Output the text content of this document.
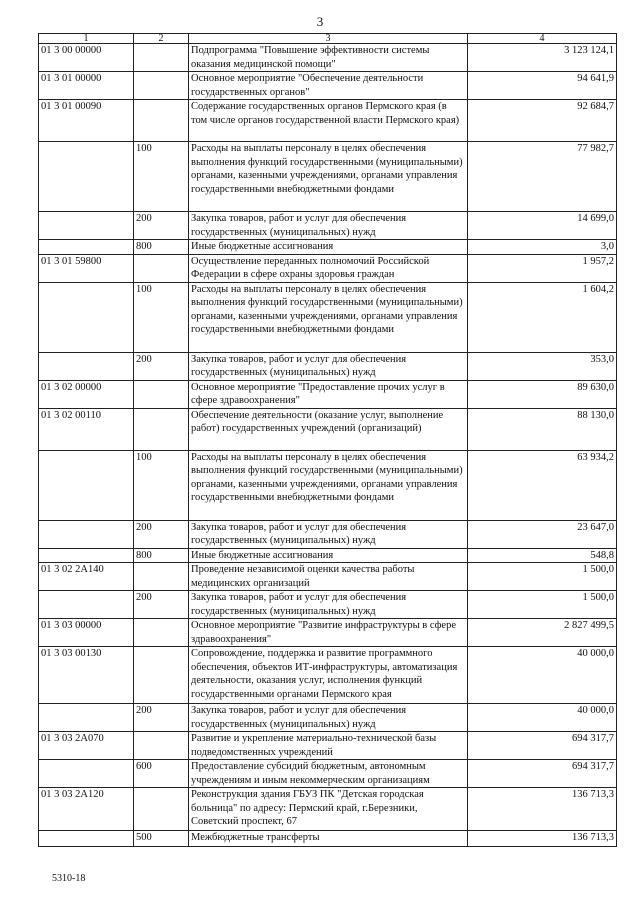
3
1	2	3	4
01 3 00 00000		Подпрограмма "Повышение эффективности системы оказания медицинской помощи"	3 123 124,1
01 3 01 00000		Основное мероприятие "Обеспечение деятельности государственных органов"	94 641,9
01 3 01 00090		Содержание государственных органов Пермского края (в том числе органов государственной власти Пермского края)	92 684,7
	100	Расходы на выплаты персоналу в целях обеспечения выполнения функций государственными (муниципальными) органами, казенными учреждениями, органами управления государственными внебюджетными фондами	77 982,7
	200	Закупка товаров, работ и услуг для обеспечения государственных (муниципальных) нужд	14 699,0
	800	Иные бюджетные ассигнования	3,0
01 3 01 59800		Осуществление переданных полномочий Российской Федерации в сфере охраны здоровья граждан	1 957,2
	100	Расходы на выплаты персоналу в целях обеспечения выполнения функций государственными (муниципальными) органами, казенными учреждениями, органами управления государственными внебюджетными фондами	1 604,2
	200	Закупка товаров, работ и услуг для обеспечения государственных (муниципальных) нужд	353,0
01 3 02 00000		Основное мероприятие "Предоставление прочих услуг в сфере здравоохранения"	89 630,0
01 3 02 00110		Обеспечение деятельности (оказание услуг, выполнение работ) государственных учреждений (организаций)	88 130,0
	100	Расходы на выплаты персоналу в целях обеспечения выполнения функций государственными (муниципальными) органами, казенными учреждениями, органами управления государственными внебюджетными фондами	63 934,2
	200	Закупка товаров, работ и услуг для обеспечения государственных (муниципальных) нужд	23 647,0
	800	Иные бюджетные ассигнования	548,8
01 3 02 2А140		Проведение независимой оценки качества работы медицинских организаций	1 500,0
	200	Закупка товаров, работ и услуг для обеспечения государственных (муниципальных) нужд	1 500,0
01 3 03 00000		Основное мероприятие "Развитие инфраструктуры в сфере здравоохранения"	2 827 499,5
01 3 03 00130		Сопровождение, поддержка и развитие программного обеспечения, объектов ИТ-инфраструктуры, автоматизация деятельности, оказания услуг, исполнения функций государственными органами Пермского края	40 000,0
	200	Закупка товаров, работ и услуг для обеспечения государственных (муниципальных) нужд	40 000,0
01 3 03 2А070		Развитие и укрепление материально-технической базы подведомственных учреждений	694 317,7
	600	Предоставление субсидий бюджетным, автономным учреждениям и иным некоммерческим организациям	694 317,7
01 3 03 2А120		Реконструкция здания ГБУЗ ПК "Детская городская больница" по адресу: Пермский край, г.Березники, Советский проспект, 67	136 713,3
	500	Межбюджетные трансферты	136 713,3
5310-18
